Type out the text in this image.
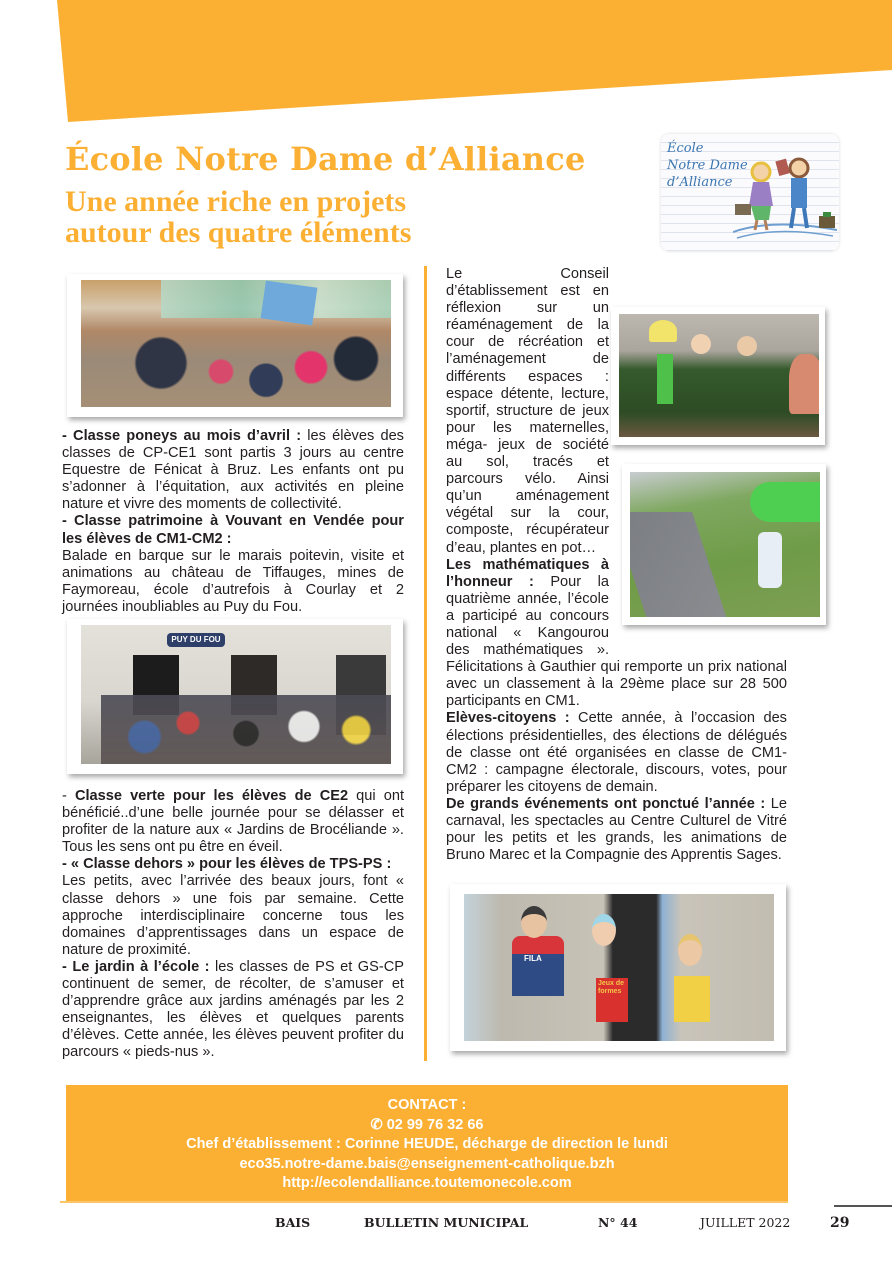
École Notre Dame d’Alliance
Une année riche en projets
autour des quatre éléments
École
Notre Dame
d’Alliance

- Classe poneys au mois d’avril : les élèves des classes de CP-CE1 sont partis 3 jours au centre Equestre de Fénicat à Bruz. Les enfants ont pu s’adonner à l’équitation, aux activités en pleine nature et vivre des moments de collectivité.

- Classe patrimoine à Vouvant en Vendée pour les élèves de CM1-CM2 :
Balade en barque sur le marais poitevin, visite et animations au château de Tiffauges, mines de Faymoreau, école d’autrefois à Courlay et 2 journées inoubliables au Puy du Fou.

PUY DU FOU

- Classe verte pour les élèves de CE2 qui ont bénéficié..d’une belle journée pour se délasser et profiter de la nature aux « Jardins de Brocéliande ». Tous les sens ont pu être en éveil.

- « Classe dehors » pour les élèves de TPS-PS :
Les petits, avec l’arrivée des beaux jours, font « classe dehors » une fois par semaine. Cette approche interdisciplinaire concerne tous les domaines d’apprentissages dans un espace de nature de proximité.

- Le jardin à l’école : les classes de PS et GS-CP continuent de semer, de récolter, de s’amuser et d’apprendre grâce aux jardins aménagés par les 2 enseignantes, les élèves et quelques parents d’élèves. Cette année, les élèves peuvent profiter du parcours « pieds-nus ».

Le Conseil d’établissement est en réflexion sur un réaménagement de la cour de récréation et l’aménagement de différents espaces : espace détente, lecture, sportif, structure de jeux pour les maternelles, méga- jeux de société au sol, tracés et parcours vélo. Ainsi qu’un aménagement végétal sur la cour, composte, récupérateur d’eau, plantes en pot…

Les mathématiques à l’honneur : Pour la quatrième année, l’école a participé au concours national « Kangourou des mathématiques ». Félicitations à Gauthier qui remporte un prix national avec un classement à la 29ème place sur 28 500 participants en CM1.

Elèves-citoyens : Cette année, à l’occasion des élections présidentielles, des élections de délégués de classe ont été organisées en classe de CM1-CM2 : campagne électorale, discours, votes, pour préparer les citoyens de demain.

De grands événements ont ponctué l’année : Le carnaval, les spectacles au Centre Culturel de Vitré pour les petits et les grands, les animations de Bruno Marec et la Compagnie des Apprentis Sages.

FILA
Jeux de formes
CONTACT :
✆ 02 99 76 32 66
Chef d’établissement : Corinne HEUDE, décharge de direction le lundi
eco35.notre-dame.bais@enseignement-catholique.bzh
http://ecolendalliance.toutemonecole.com
BAIS	BULLETIN MUNICIPAL	N° 44	JUILLET 2022	29
